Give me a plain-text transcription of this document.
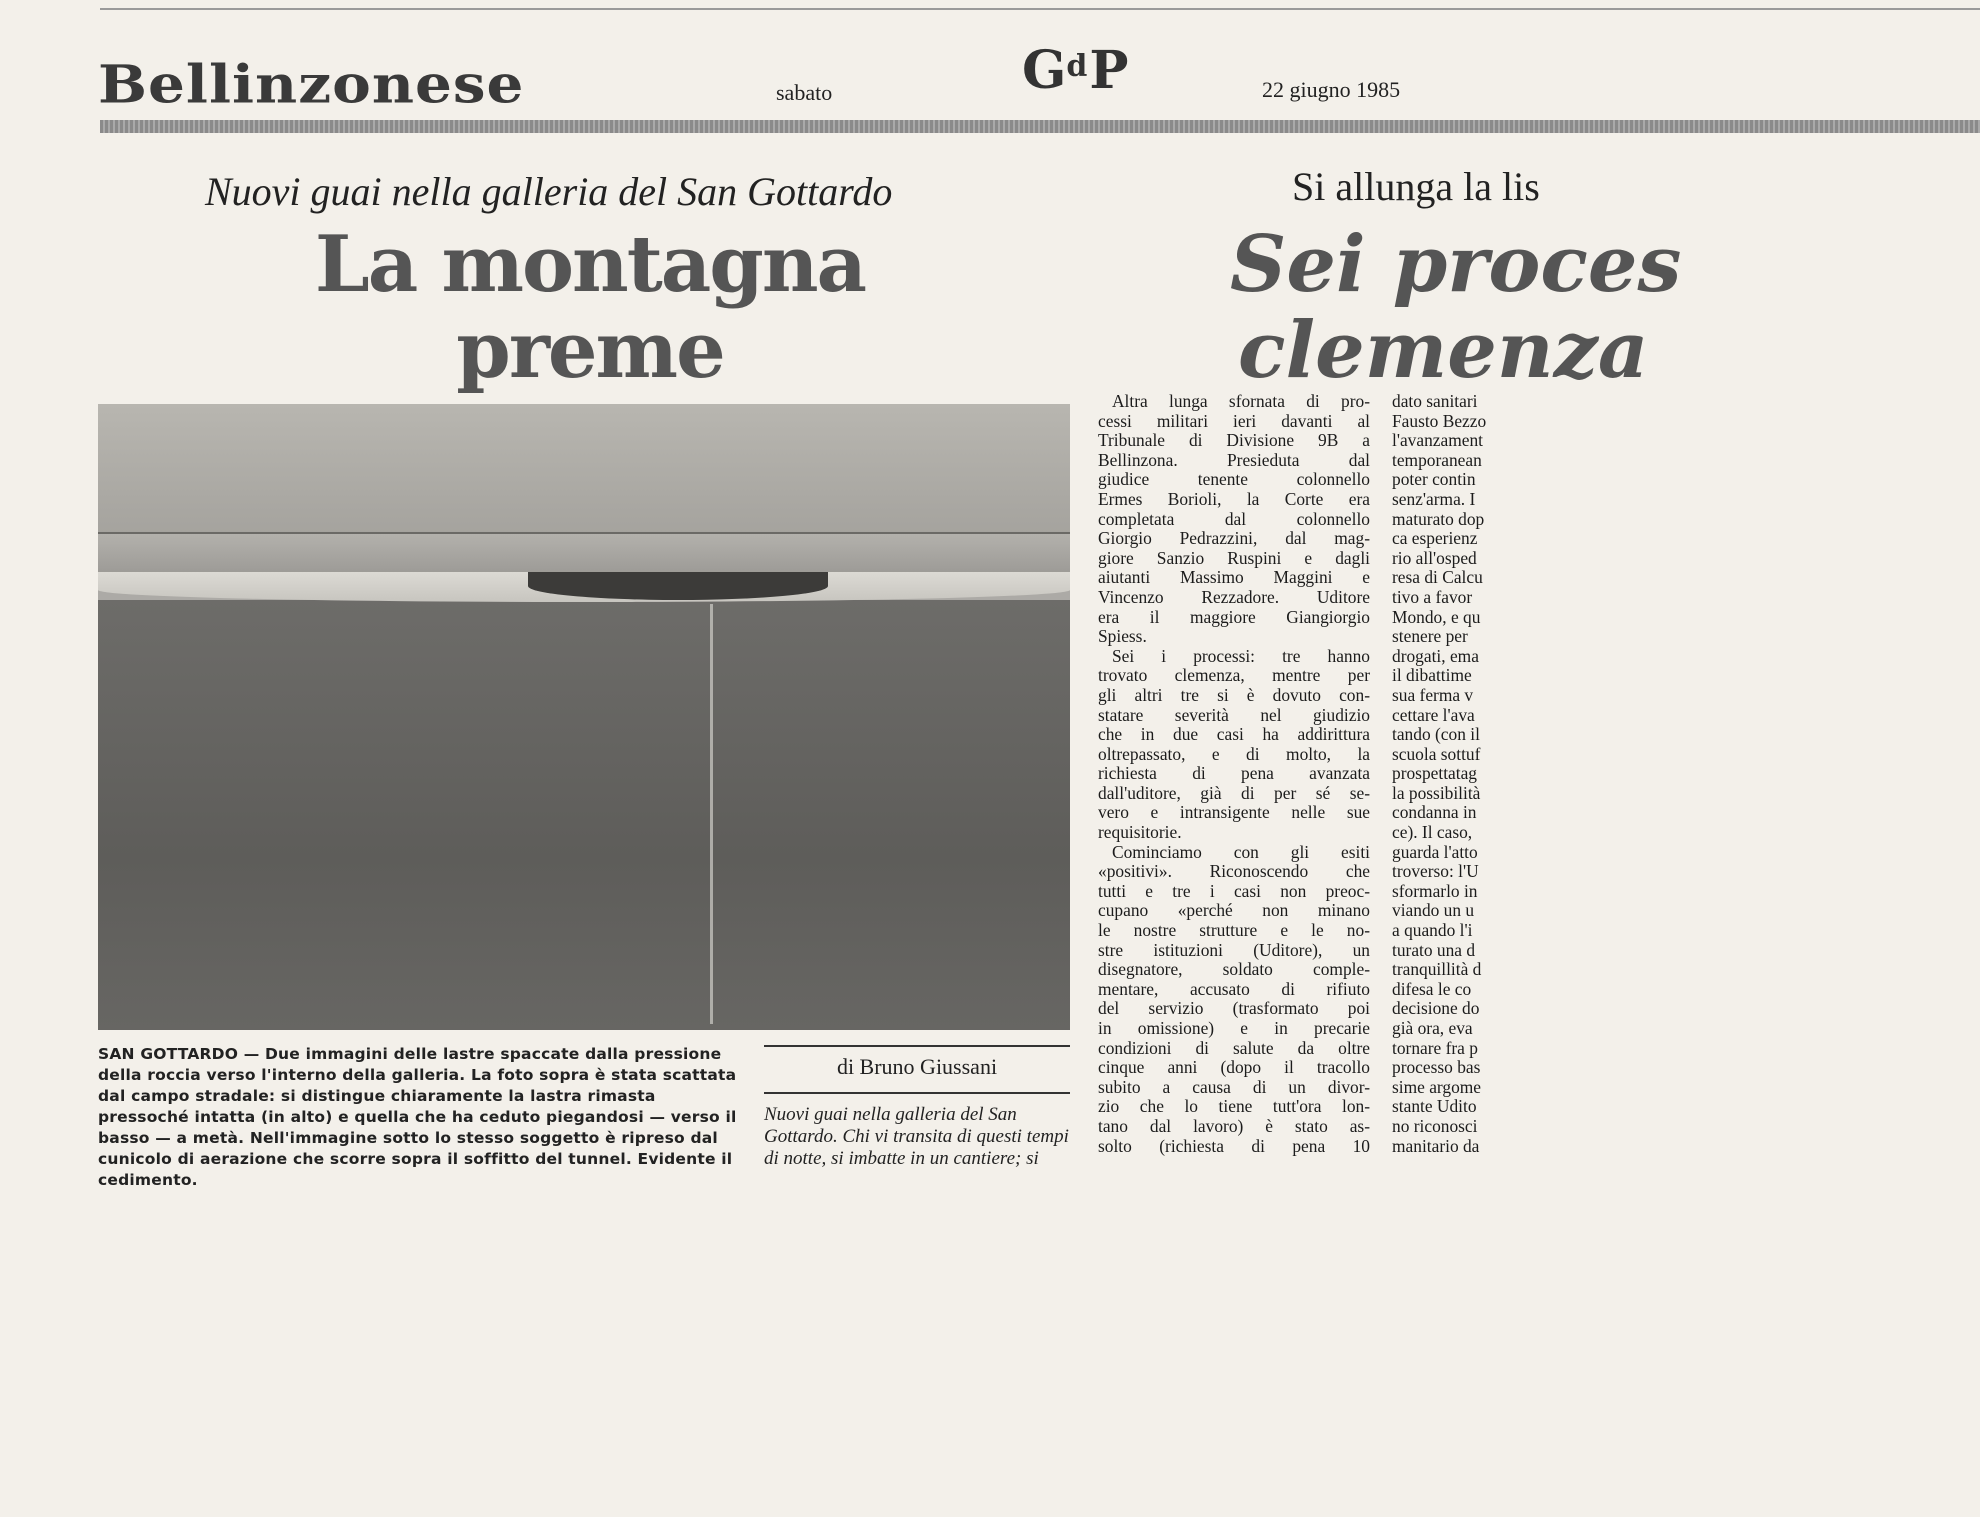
Bellinzonese	sabato	$G^dP$	22 giugno 1985
Nuovi guai nella galleria del San Gottardo
La montagna preme
Si allunga la lis
Sei proces
clemenza
SAN GOTTARDO — Due immagini delle lastre spaccate dalla pressione della roccia verso l'interno della galleria. La foto sopra è stata scattata dal campo stradale: si distingue chiaramente la lastra rimasta pressoché intatta (in alto) e quella che ha ceduto piegandosi — verso il basso — a metà. Nell'immagine sotto lo stesso soggetto è ripreso dal cunicolo di aerazione che scorre sopra il soffitto del tunnel. Evidente il cedimento.
di Bruno Giussani
Nuovi guai nella galleria del San Gottardo. Chi vi transita di questi tempi di notte, si imbatte in un cantiere; si
Altra lunga sfornata di pro-
cessi militari ieri davanti al
Tribunale di Divisione 9B a
Bellinzona. Presieduta dal
giudice tenente colonnello
Ermes Borioli, la Corte era
completata dal colonnello
Giorgio Pedrazzini, dal mag-
giore Sanzio Ruspini e dagli
aiutanti Massimo Maggini e
Vincenzo Rezzadore. Uditore
era il maggiore Giangiorgio
Spiess.
Sei i processi: tre hanno
trovato clemenza, mentre per
gli altri tre si è dovuto con-
statare severità nel giudizio
che in due casi ha addirittura
oltrepassato, e di molto, la
richiesta di pena avanzata
dall'uditore, già di per sé se-
vero e intransigente nelle sue
requisitorie.
Cominciamo con gli esiti
«positivi». Riconoscendo che
tutti e tre i casi non preoc-
cupano «perché non minano
le nostre strutture e le no-
stre istituzioni (Uditore), un
disegnatore, soldato comple-
mentare, accusato di rifiuto
del servizio (trasformato poi
in omissione) e in precarie
condizioni di salute da oltre
cinque anni (dopo il tracollo
subito a causa di un divor-
zio che lo tiene tutt'ora lon-
tano dal lavoro) è stato as-
solto (richiesta di pena 10
dato sanitari
Fausto Bezzo
l'avanzament
temporanean
poter contin
senz'arma. I
maturato dop
ca esperienz
rio all'osped
resa di Calcu
tivo a favor
Mondo, e qu
stenere per
drogati, ema
il dibattime
sua ferma v
cettare l'ava
tando (con il
scuola sottuf
prospettatag
la possibilità
condanna in
ce). Il caso,
guarda l'atto
troverso: l'U
sformarlo in
viando un u
a quando l'i
turato una d
tranquillità d
difesa le co
decisione do
già ora, eva
tornare fra p
processo bas
sime argome
stante Udito
no riconosci
manitario da
